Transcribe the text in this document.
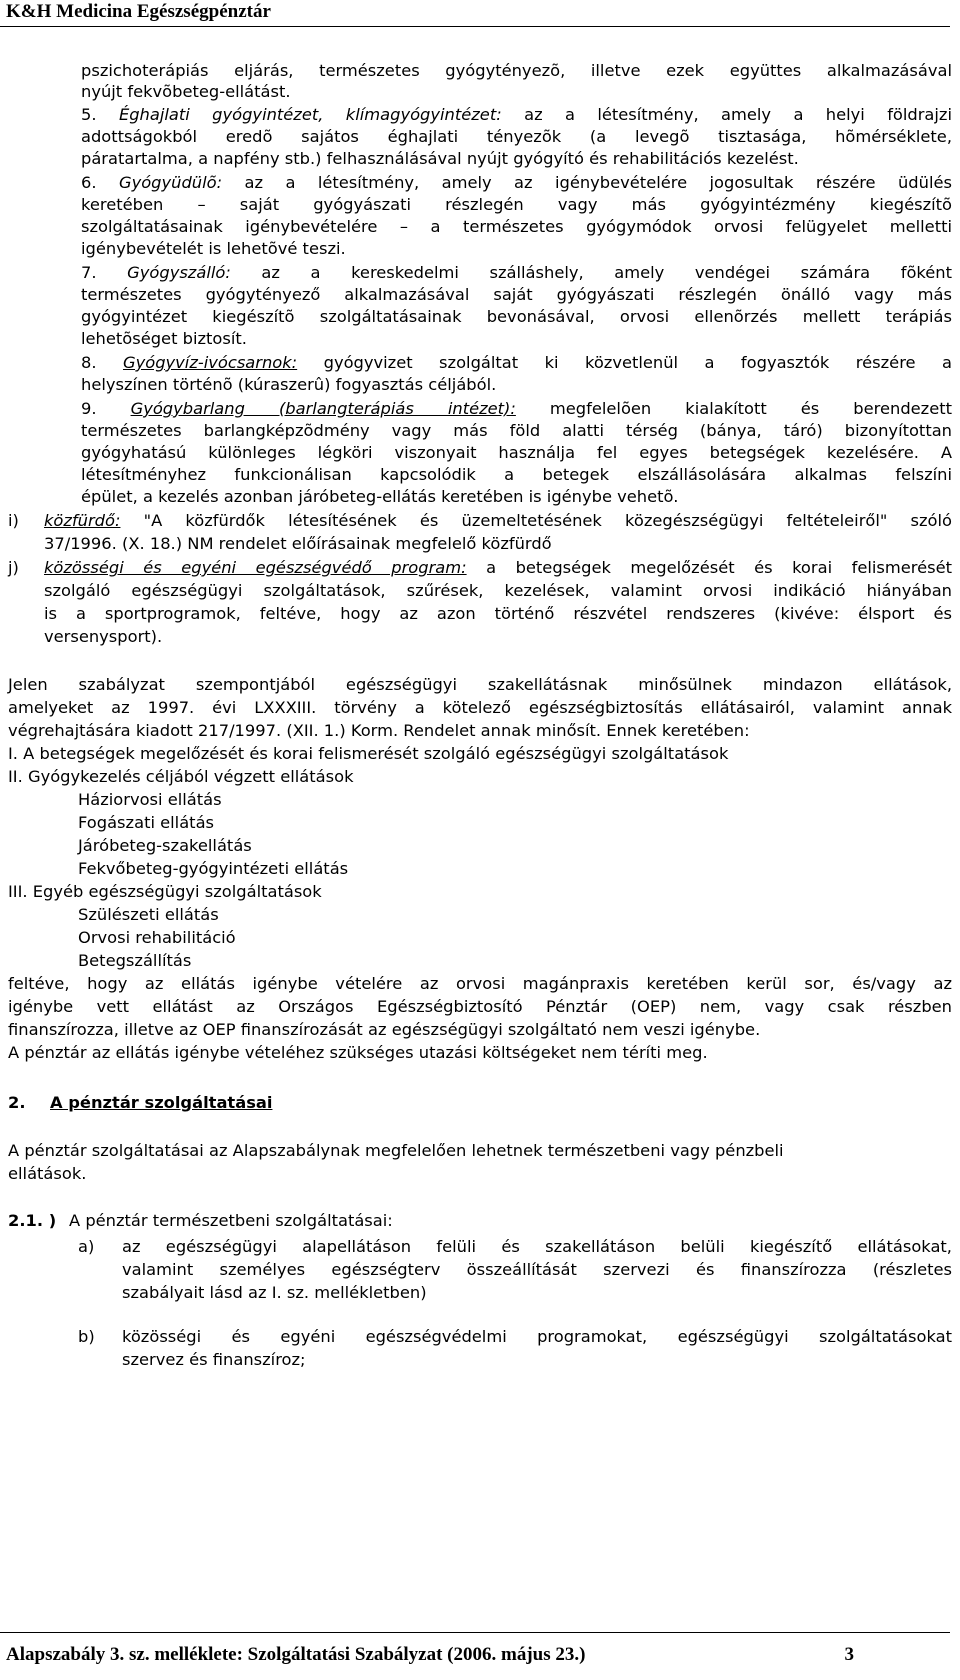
K&H Medicina Egészségpénztár
pszichoterápiás eljárás, természetes gyógytényezõ, illetve ezek együttes alkalmazásával
nyújt fekvõbeteg-ellátást.
5. Éghajlati gyógyintézet, klímagyógyintézet: az a létesítmény, amely a helyi földrajzi
adottságokból eredõ sajátos éghajlati tényezõk (a levegõ tisztasága, hõmérséklete,
páratartalma, a napfény stb.) felhasználásával nyújt gyógyító és rehabilitációs kezelést.
6. Gyógyüdülõ: az a létesítmény, amely az igénybevételére jogosultak részére üdülés
keretében – saját gyógyászati részlegén vagy más gyógyintézmény kiegészítõ
szolgáltatásainak igénybevételére – a természetes gyógymódok orvosi felügyelet melletti
igénybevételét is lehetõvé teszi.
7. Gyógyszálló: az a kereskedelmi szálláshely, amely vendégei számára fõként
természetes gyógytényező alkalmazásával saját gyógyászati részlegén önálló vagy más
gyógyintézet kiegészítõ szolgáltatásainak bevonásával, orvosi ellenõrzés mellett terápiás
lehetõséget biztosít.
8. Gyógyvíz-ivócsarnok: gyógyvizet szolgáltat ki közvetlenül a fogyasztók részére a
helyszínen történõ (kúraszerû) fogyasztás céljából.
9. Gyógybarlang (barlangterápiás intézet): megfelelõen kialakított és berendezett
természetes barlangképzõdmény vagy más föld alatti térség (bánya, táró) bizonyítottan
gyógyhatású különleges légköri viszonyait használja fel egyes betegségek kezelésére. A
létesítményhez funkcionálisan kapcsolódik a betegek elszállásolására alkalmas felszíni
épület, a kezelés azonban járóbeteg-ellátás keretében is igénybe vehetõ.
i) közfürdő: "A közfürdők létesítésének és üzemeltetésének közegészségügyi feltételeiről" szóló
37/1996. (X. 18.) NM rendelet előírásainak megfelelő közfürdő
j) közösségi és egyéni egészségvédő program: a betegségek megelőzését és korai felismerését
szolgáló egészségügyi szolgáltatások, szűrések, kezelések, valamint orvosi indikáció hiányában
is a sportprogramok, feltéve, hogy az azon történő részvétel rendszeres (kivéve: élsport és
versenysport).
Jelen szabályzat szempontjából egészségügyi szakellátásnak minősülnek mindazon ellátások,
amelyeket az 1997. évi LXXXIII. törvény a kötelező egészségbiztosítás ellátásairól, valamint annak
végrehajtására kiadott 217/1997. (XII. 1.) Korm. Rendelet annak minősít. Ennek keretében:
I. A betegségek megelőzését és korai felismerését szolgáló egészségügyi szolgáltatások
II. Gyógykezelés céljából végzett ellátások
Háziorvosi ellátás
Fogászati ellátás
Járóbeteg-szakellátás
Fekvőbeteg-gyógyintézeti ellátás
III. Egyéb egészségügyi szolgáltatások
Szülészeti ellátás
Orvosi rehabilitáció
Betegszállítás
feltéve, hogy az ellátás igénybe vételére az orvosi magánpraxis keretében kerül sor, és/vagy az
igénybe vett ellátást az Országos Egészségbiztosító Pénztár (OEP) nem, vagy csak részben
finanszírozza, illetve az OEP finanszírozását az egészségügyi szolgáltató nem veszi igénybe.
A pénztár az ellátás igénybe vételéhez szükséges utazási költségeket nem téríti meg.
2. A pénztár szolgáltatásai
A pénztár szolgáltatásai az Alapszabálynak megfelelően lehetnek természetbeni vagy pénzbeli
ellátások.
2.1. ) A pénztár természetbeni szolgáltatásai:
a) az egészségügyi alapellátáson felüli és szakellátáson belüli kiegészítő ellátásokat,
valamint személyes egészségterv összeállítását szervezi és finanszírozza (részletes
szabályait lásd az I. sz. mellékletben)
b) közösségi és egyéni egészségvédelmi programokat, egészségügyi szolgáltatásokat
szervez és finanszíroz;
Alapszabály 3. sz. melléklete: Szolgáltatási Szabályzat (2006. május 23.)	3
